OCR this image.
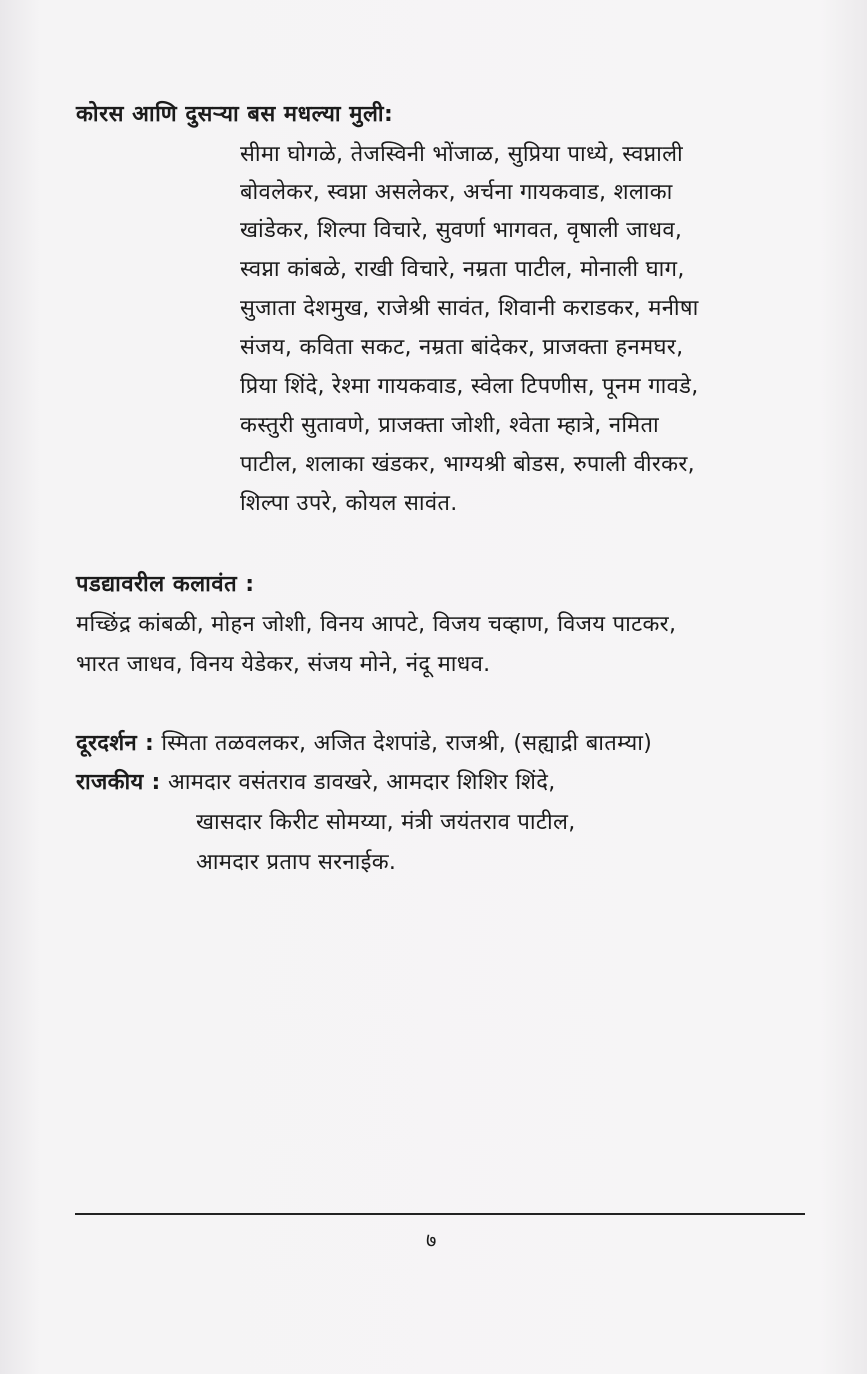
कोरस आणि दुसऱ्या बस मधल्या मुली:
सीमा घोगळे, तेजस्विनी भोंजाळ, सुप्रिया पाध्ये, स्वप्नाली
बोवलेकर, स्वप्ना असलेकर, अर्चना गायकवाड, शलाका
खांडेकर, शिल्पा विचारे, सुवर्णा भागवत, वृषाली जाधव,
स्वप्ना कांबळे, राखी विचारे, नम्रता पाटील, मोनाली घाग,
सुजाता देशमुख, राजेश्री सावंत, शिवानी कराडकर, मनीषा
संजय, कविता सकट, नम्रता बांदेकर, प्राजक्ता हनमघर,
प्रिया शिंदे, रेश्मा गायकवाड, स्वेला टिपणीस, पूनम गावडे,
कस्तुरी सुतावणे, प्राजक्ता जोशी, श्वेता म्हात्रे, नमिता
पाटील, शलाका खंडकर, भाग्यश्री बोडस, रुपाली वीरकर,
शिल्पा उपरे, कोयल सावंत.
पडद्यावरील कलावंत :
मच्छिंद्र कांबळी, मोहन जोशी, विनय आपटे, विजय चव्हाण, विजय पाटकर,
भारत जाधव, विनय येडेकर, संजय मोने, नंदू माधव.
दूरदर्शन : स्मिता तळवलकर, अजित देशपांडे, राजश्री, (सह्याद्री बातम्या)
राजकीय : आमदार वसंतराव डावखरे, आमदार शिशिर शिंदे,
खासदार किरीट सोमय्या, मंत्री जयंतराव पाटील,
आमदार प्रताप सरनाईक.
७
